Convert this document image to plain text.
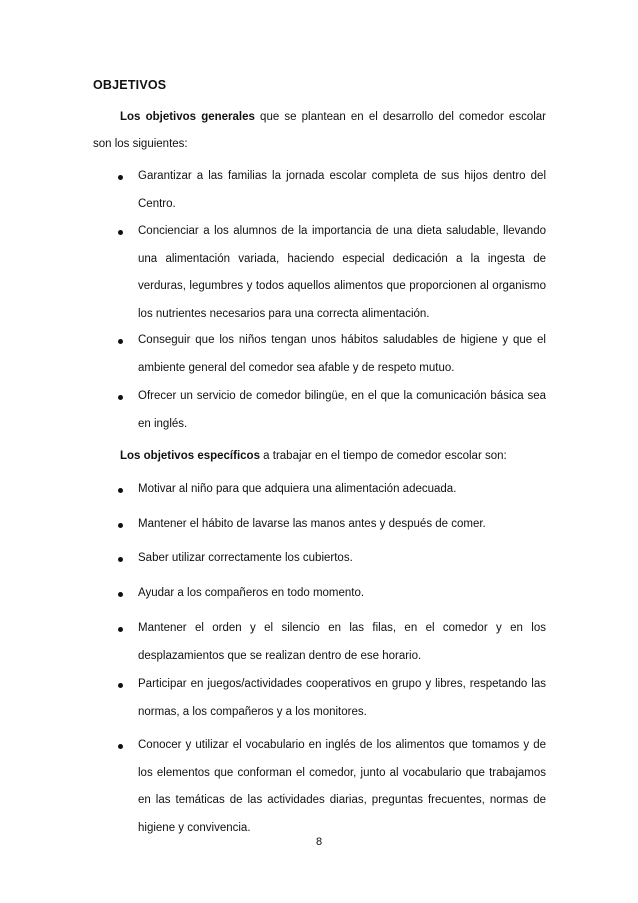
OBJETIVOS
Los objetivos generales que se plantean en el desarrollo del comedor escolar son los siguientes:
Garantizar a las familias la jornada escolar completa de sus hijos dentro del Centro.
Concienciar a los alumnos de la importancia de una dieta saludable, llevando una alimentación variada, haciendo especial dedicación a la ingesta de verduras, legumbres y todos aquellos alimentos que proporcionen al organismo los nutrientes necesarios para una correcta alimentación.
Conseguir que los niños tengan unos hábitos saludables de higiene y que el ambiente general del comedor sea afable y de respeto mutuo.
Ofrecer un servicio de comedor bilingüe, en el que la comunicación básica sea en inglés.
Los objetivos específicos a trabajar en el tiempo de comedor escolar son:
Motivar al niño para que adquiera una alimentación adecuada.
Mantener el hábito de lavarse las manos antes y después de comer.
Saber utilizar correctamente los cubiertos.
Ayudar a los compañeros en todo momento.
Mantener el orden y el silencio en las filas, en el comedor y en los desplazamientos que se realizan dentro de ese horario.
Participar en juegos/actividades cooperativos en grupo y libres, respetando las normas, a los compañeros y a los monitores.
Conocer y utilizar el vocabulario en inglés de los alimentos que tomamos y de los elementos que conforman el comedor, junto al vocabulario que trabajamos en las temáticas de las actividades diarias, preguntas frecuentes, normas de higiene y convivencia.
8
